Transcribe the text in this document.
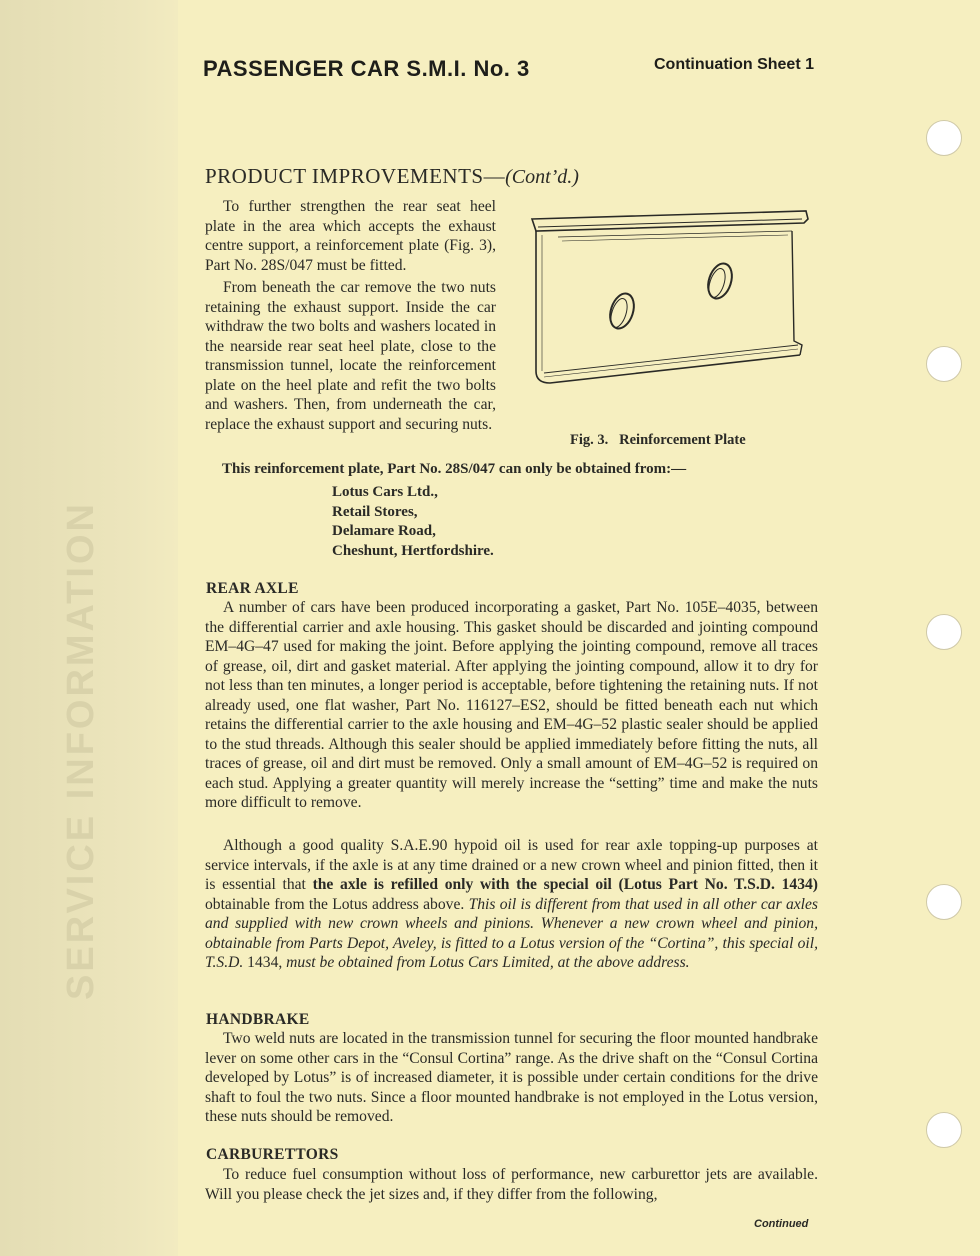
SERVICE INFORMATION
PASSENGER CAR S.M.I. No. 3	Continuation Sheet 1
PRODUCT IMPROVEMENTS—(Cont’d.)

To further strengthen the rear seat heel plate in the area which accepts the exhaust centre support, a reinforcement plate (Fig. 3), Part No. 28S/047 must be fitted.

From beneath the car remove the two nuts retaining the exhaust support. Inside the car withdraw the two bolts and washers located in the nearside rear seat heel plate, close to the transmission tunnel, locate the reinforcement plate on the heel plate and refit the two bolts and washers. Then, from underneath the car, replace the exhaust support and securing nuts.

Fig. 3.   Reinforcement Plate
This reinforcement plate, Part No. 28S/047 can only be obtained from:—
Lotus Cars Ltd.,
Retail Stores,
Delamare Road,
Cheshunt, Hertfordshire.
REAR AXLE

A number of cars have been produced incorporating a gasket, Part No. 105E–4035, between the differential carrier and axle housing. This gasket should be discarded and jointing compound EM–4G–47 used for making the joint. Before applying the jointing compound, remove all traces of grease, oil, dirt and gasket material. After applying the jointing compound, allow it to dry for not less than ten minutes, a longer period is acceptable, before tightening the retaining nuts. If not already used, one flat washer, Part No. 116127–ES2, should be fitted beneath each nut which retains the differential carrier to the axle housing and EM–4G–52 plastic sealer should be applied to the stud threads. Although this sealer should be applied immediately before fitting the nuts, all traces of grease, oil and dirt must be removed. Only a small amount of EM–4G–52 is required on each stud. Applying a greater quantity will merely increase the “setting” time and make the nuts more difficult to remove.

Although a good quality S.A.E.90 hypoid oil is used for rear axle topping-up purposes at service intervals, if the axle is at any time drained or a new crown wheel and pinion fitted, then it is essential that the axle is refilled only with the special oil (Lotus Part No. T.S.D. 1434) obtainable from the Lotus address above. This oil is different from that used in all other car axles and supplied with new crown wheels and pinions. Whenever a new crown wheel and pinion, obtainable from Parts Depot, Aveley, is fitted to a Lotus version of the “Cortina”, this special oil, T.S.D. 1434, must be obtained from Lotus Cars Limited, at the above address.

HANDBRAKE

Two weld nuts are located in the transmission tunnel for securing the floor mounted handbrake lever on some other cars in the “Consul Cortina” range. As the drive shaft on the “Consul Cortina developed by Lotus” is of increased diameter, it is possible under certain conditions for the drive shaft to foul the two nuts. Since a floor mounted handbrake is not employed in the Lotus version, these nuts should be removed.

CARBURETTORS

To reduce fuel consumption without loss of performance, new carburettor jets are available. Will you please check the jet sizes and, if they differ from the following,

Continued
